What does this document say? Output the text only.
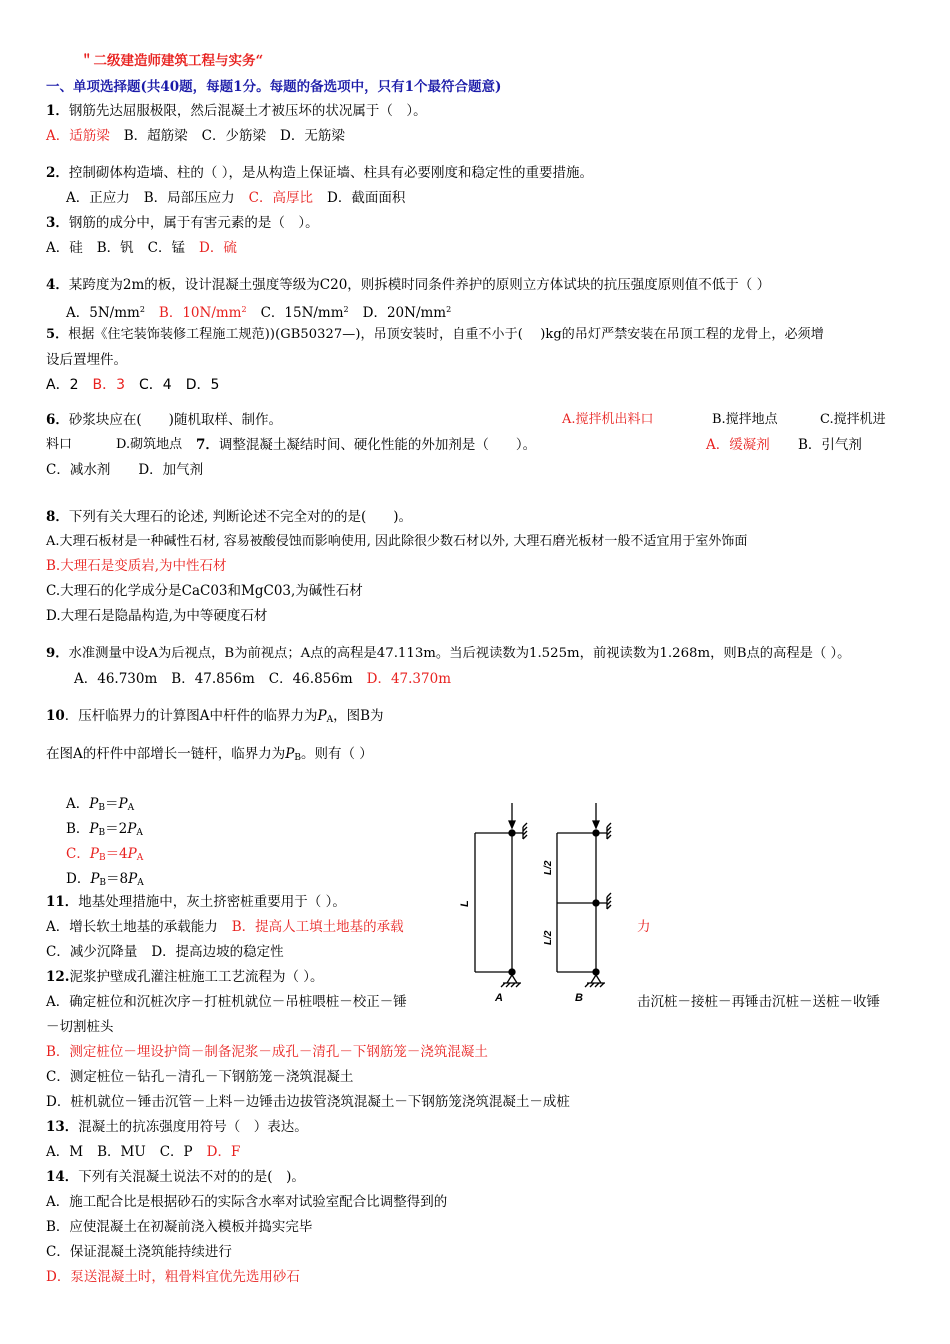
＂二级建造师建筑工程与实务“
一、单项选择题(共40题，每题1分。每题的备选项中，只有1个最符合题意)
1．钢筋先达屈服极限，然后混凝土才被压坏的状况属于（　）。
A．适筋梁 B．超筋梁 C．少筋梁 D．无筋梁
2．控制砌体构造墙、柱的（ ），是从构造上保证墙、柱具有必要刚度和稳定性的重要措施。
A．正应力 B．局部压应力 C．高厚比 D．截面面积
3．钢筋的成分中，属于有害元素的是（　）。
A．硅 B．钒 C．锰 D．硫
4．某跨度为2m的板，设计混凝土强度等级为C20，则拆模时同条件养护的原则立方体试块的抗压强度原则值不低于（ ）
A．$5N/mm^2$ B．$10N/mm^2$ C．$15N/mm^2$ D．$20N/mm^2$
5．根据《住宅装饰装修工程施工规范))(GB50327—)，吊顶安装时，自重不小于(　 )kg的吊灯严禁安装在吊顶工程的龙骨上，必须增
设后置埋件。
A．2 B．3 C．4 D．5
6．砂浆块应在(　　)随机取样、制作。	A.搅拌机出料口	B.搅拌地点	C.搅拌机进
料口	D.砌筑地点 7．调整混凝土凝结时间、硬化性能的外加剂是（　　）。	A．缓凝剂 B．引气剂
C．减水剂 D．加气剂
8．下列有关大理石的论述, 判断论述不完全对的的是(　　)。
A.大理石板材是一种碱性石材, 容易被酸侵蚀而影响使用, 因此除很少数石材以外, 大理石磨光板材一般不适宜用于室外饰面
B.大理石是变质岩,为中性石材
C.大理石的化学成分是CaC03和MgC03,为碱性石材
D.大理石是隐晶构造,为中等硬度石材
9．水准测量中设A为后视点，B为前视点；A点的高程是47.113m。当后视读数为1.525m，前视读数为1.268m，则B点的高程是（ ）。
A．46.730m B．47.856m C．46.856m D．47.370m
10．压杆临界力的计算图A中杆件的临界力为$P_A$，图B为
在图A的杆件中部增长一链杆，临界力为$P_B$。则有（ ）
A．$P_B=P_A$
B．$P_B=2P_A$
C．$P_B=4P_A$
D．$P_B=8P_A$
L
L/2
L/2
A	B
11．地基处理措施中，灰土挤密桩重要用于（ ）。
A．增长软土地基的承载能力 B．提高人工填土地基的承载	力
C．减少沉降量 D．提高边坡的稳定性
12.泥浆护壁成孔灌注桩施工工艺流程为（ ）。
A．确定桩位和沉桩次序－打桩机就位－吊桩喂桩－校正－锤	击沉桩－接桩－再锤击沉桩－送桩－收锤
－切割桩头
B．测定桩位－埋设护筒－制备泥浆－成孔－清孔－下钢筋笼－浇筑混凝土
C．测定桩位－钻孔－清孔－下钢筋笼－浇筑混凝土
D．桩机就位－锤击沉管－上料－边锤击边拔管浇筑混凝土－下钢筋笼浇筑混凝土－成桩
13．混凝土的抗冻强度用符号（　）表达。
A．M B．MU C．P D．F
14．下列有关混凝土说法不对的的是(　)。
A．施工配合比是根据砂石的实际含水率对试验室配合比调整得到的
B．应使混凝土在初凝前浇入模板并捣实完毕
C．保证混凝土浇筑能持续进行
D．泵送混凝土时，粗骨料宜优先选用砂石
